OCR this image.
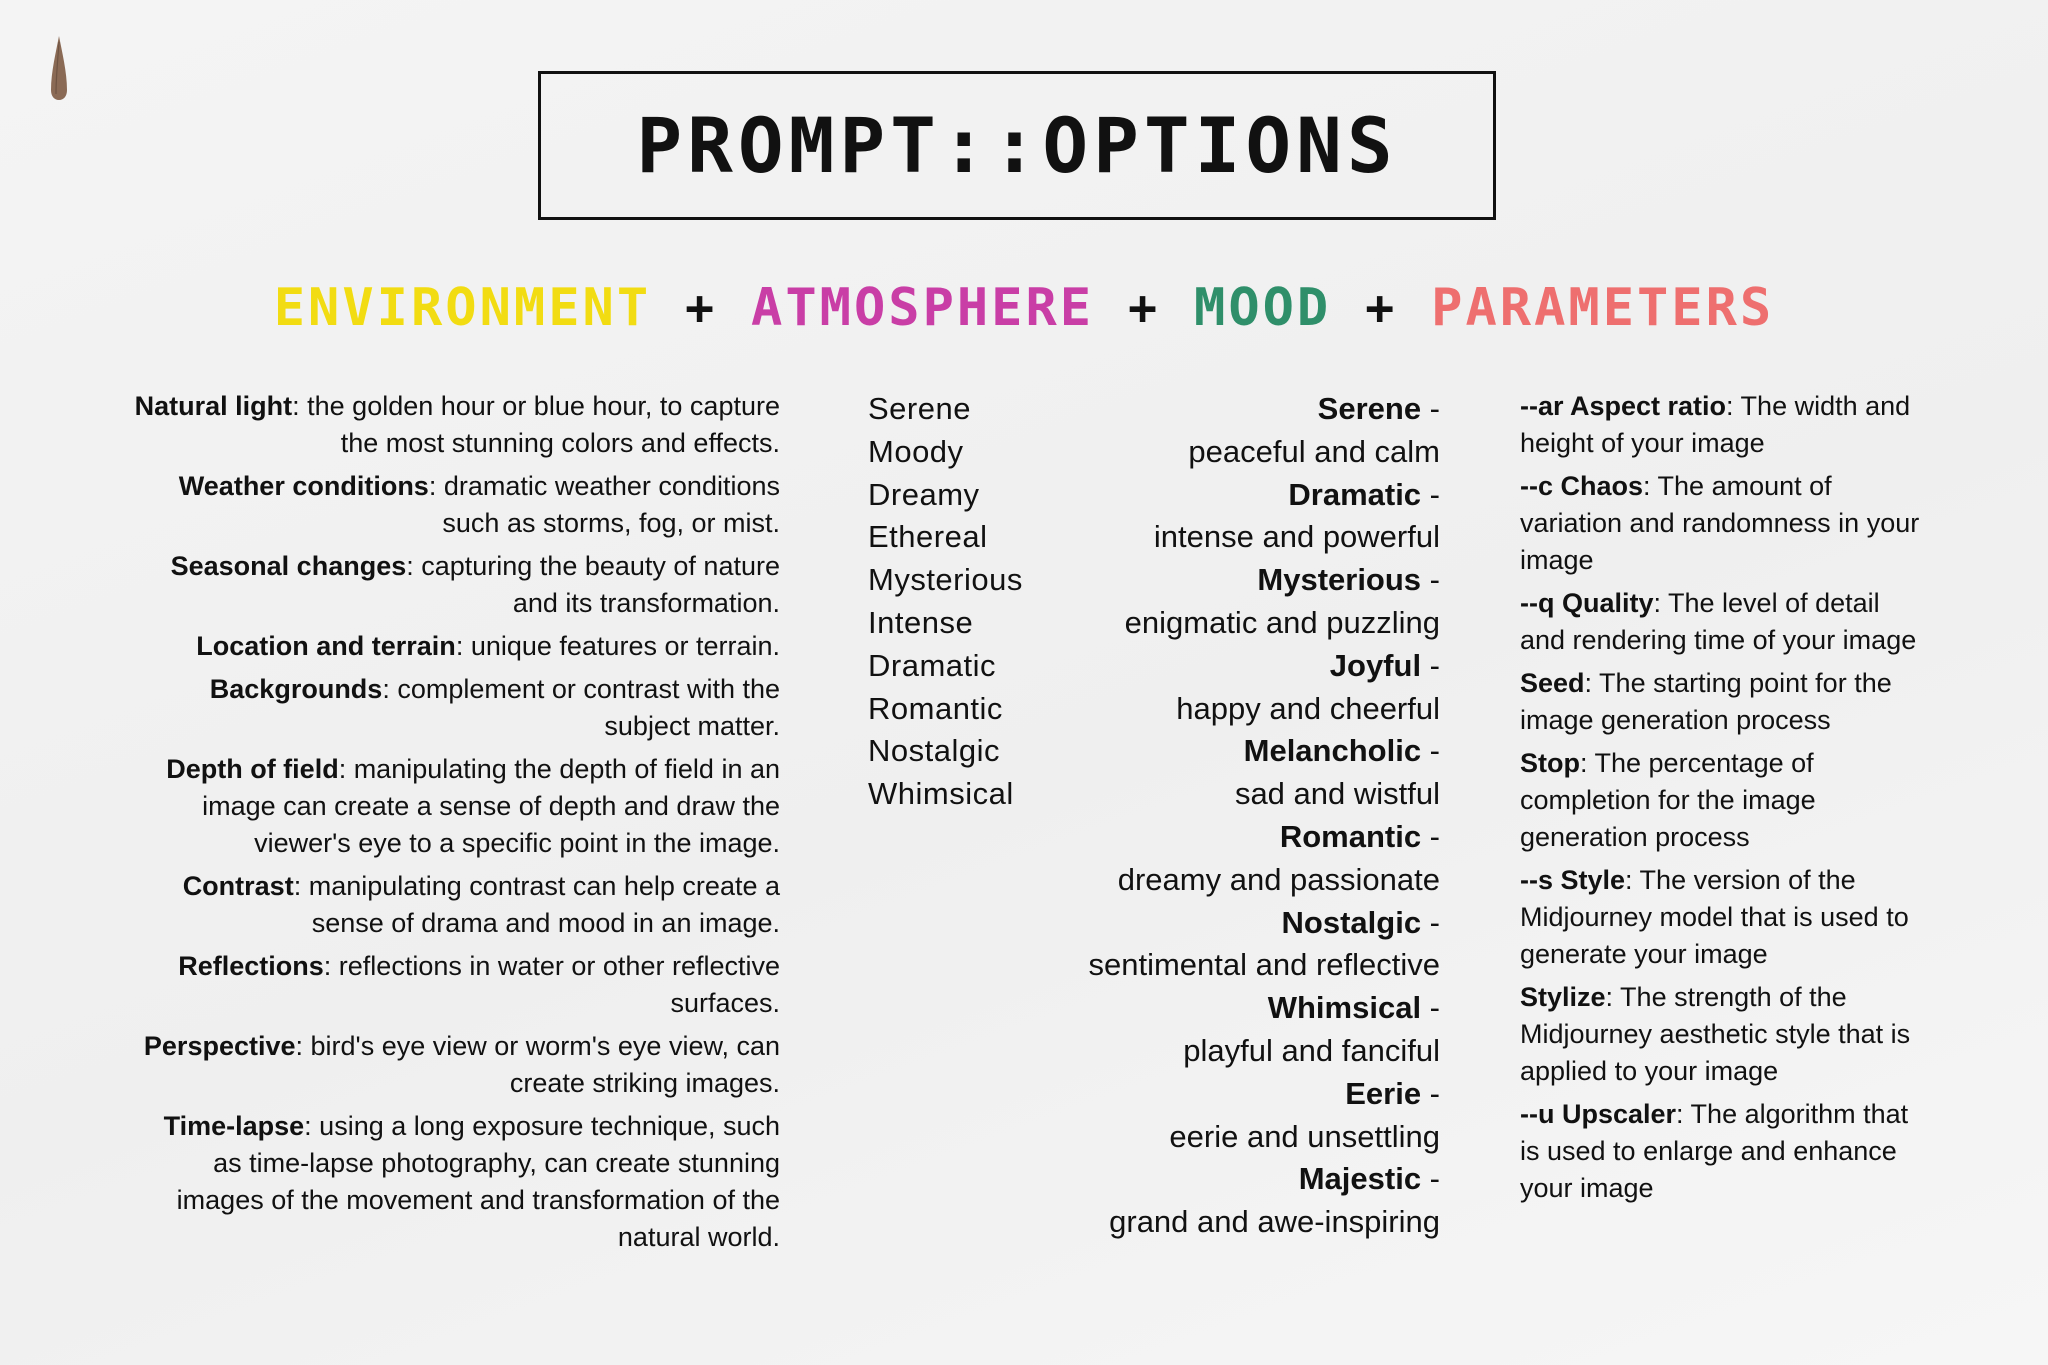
PROMPT::OPTIONS
ENVIRONMENT + ATMOSPHERE + MOOD + PARAMETERS
Natural light: the golden hour or blue hour, to capture the most stunning colors and effects.
Weather conditions: dramatic weather conditions such as storms, fog, or mist.
Seasonal changes: capturing the beauty of nature and its transformation.
Location and terrain: unique features or terrain.
Backgrounds: complement or contrast with the subject matter.
Depth of field: manipulating the depth of field in an image can create a sense of depth and draw the viewer's eye to a specific point in the image.
Contrast: manipulating contrast can help create a sense of drama and mood in an image.
Reflections: reflections in water or other reflective surfaces.
Perspective: bird's eye view or worm's eye view, can create striking images.
Time-lapse: using a long exposure technique, such as time-lapse photography, can create stunning images of the movement and transformation of the natural world.
Serene
Moody
Dreamy
Ethereal
Mysterious
Intense
Dramatic
Romantic
Nostalgic
Whimsical
Serene -
peaceful and calm
Dramatic -
intense and powerful
Mysterious -
enigmatic and puzzling
Joyful -
happy and cheerful
Melancholic -
sad and wistful
Romantic -
dreamy and passionate
Nostalgic -
sentimental and reflective
Whimsical -
playful and fanciful
Eerie -
eerie and unsettling
Majestic -
grand and awe-inspiring
--ar Aspect ratio: The width and height of your image
--c Chaos: The amount of variation and randomness in your image
--q Quality: The level of detail and rendering time of your image
Seed: The starting point for the image generation process
Stop: The percentage of completion for the image generation process
--s Style: The version of the Midjourney model that is used to generate your image
Stylize: The strength of the Midjourney aesthetic style that is applied to your image
--u Upscaler: The algorithm that is used to enlarge and enhance your image
